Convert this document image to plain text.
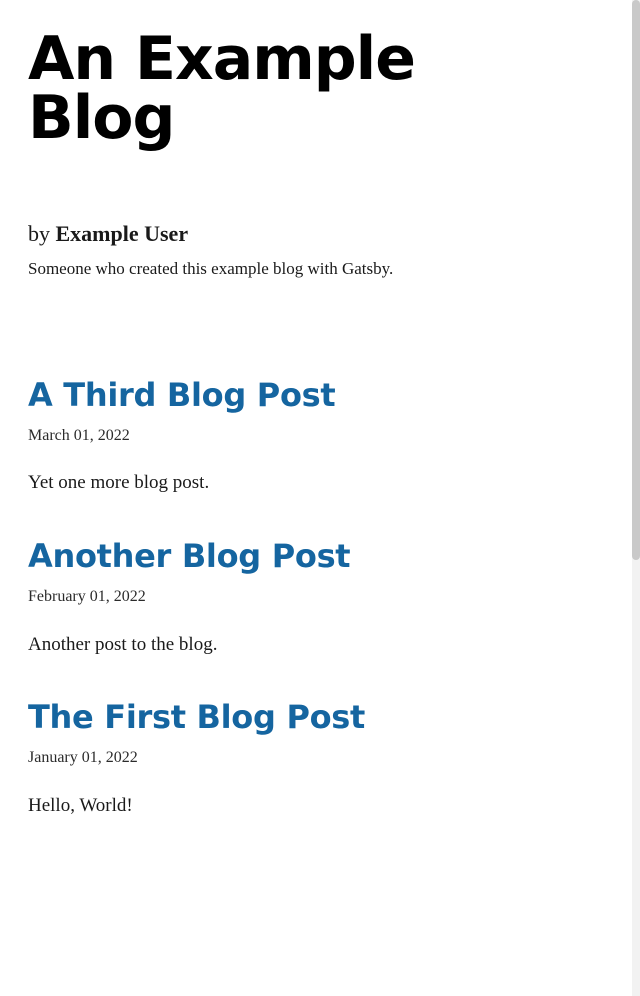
An Example Blog
by Example User
Someone who created this example blog with Gatsby.
A Third Blog Post
March 01, 2022

Yet one more blog post.

Another Blog Post
February 01, 2022

Another post to the blog.

The First Blog Post
January 01, 2022

Hello, World!
